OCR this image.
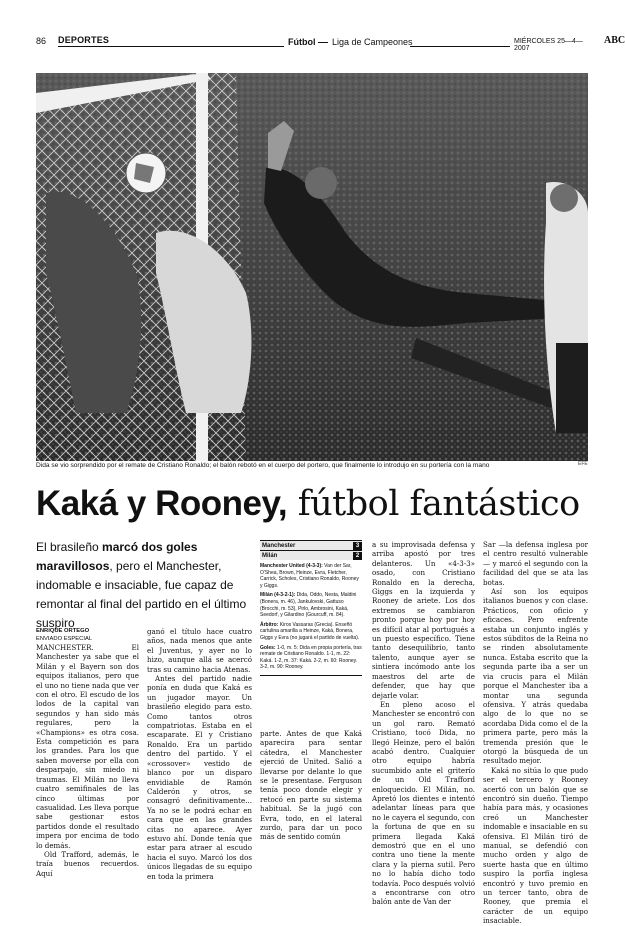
86 DEPORTES	Fútbol Liga de Campeones	MIÉRCOLES 25—4—2007
ABC
Dida se vio sorprendido por el remate de Cristiano Ronaldo; el balón rebotó en el cuerpo del portero, que finalmente lo introdujo en su portería con la mano	EFE
Kaká y Rooney, fútbol fantástico
El brasileño marcó dos goles maravillosos, pero el Manchester, indomable e insaciable, fue capaz de remontar al final del partido en el último suspiro
ENRIQUE ORTEGO
ENVIADO ESPECIAL

MANCHESTER. El Manchester ya sabe que el Milán y el Bayern son dos equipos italianos, pero que el uno no tiene nada que ver con el otro. El escudo de los lodos de la capital van segundos y han sido más regulares, pero la «Champions» es otra cosa. Esta competición es para los grandes. Para los que saben moverse por ella con desparpajo, sin miedo ni traumas. El Milán no lleva cuatro semifinales de las cinco últimas por casualidad. Les lleva porque sabe gestionar estos partidos donde el resultado impera por encima de todo lo demás.

Old Trafford, además, le traía buenos recuerdos. Aquí

ganó el título hace cuatro años, nada menos que ante el Juventus, y ayer no lo hizo, aunque allá se acercó tras su camino hacia Atenas.

Antes del partido nadie ponía en duda que Kaká es un jugador mayor. Un brasileño elegido para esto. Como tantos otros compatriotas. Estaba en el escaparate. El y Cristiano Ronaldo. Era un partido dentro del partido. Y el «crossover» vestido de blanco por un disparo envidiable de Ramón Calderón y otros, se consagró definitivamente... Ya no se le podrá echar en cara que en las grandes citas no aparece. Ayer estuvo ahí. Donde tenía que estar para atraer al escudo hacia el suyo. Marcó los dos únicos llegadas de su equipo en toda la primera

Manchester	3
Milán	2
Manchester United (4-3-3): Van der Sar, O'Shea, Brown, Heinze, Evra, Fletcher, Carrick, Scholes, Cristiano Ronaldo, Rooney y Giggs.
Milán (4-3-2-1): Dida, Oddo, Nesta, Maldini (Bonera, m. 46), Jankulovski, Gattuso (Brocchi, m. 53), Pirlo, Ambrosini, Kaká, Seedorf, y Gilardino (Gourcuff, m. 84).
Árbitro: Kiros Vassaras (Grecia). Enseñó cartulina amarilla a Heinze, Kaká, Bonera, Giggs y Evra (no jugará el partido de vuelta).
Goles: 1-0, m. 5: Dida en propia portería, tras remate de Cristiano Ronaldo. 1-1, m. 22: Kaká. 1-2, m. 37: Kaká. 2-2, m. 60: Rooney. 3-2, m. 90: Rooney.

parte. Antes de que Kaká aparecira para sentar cátedra, el Manchester ejerció de United. Salió a llevarse por delante lo que se le presentase. Ferguson tenía poco donde elegir y retocó en parte su sistema habitual. Se la jugó con Evra, todo, en el lateral zurdo, para dar un poco más de sentido común

a su improvisada defensa y arriba apostó por tres delanteros. Un «4-3-3» osado, con Cristiano Ronaldo en la derecha, Giggs en la izquierda y Rooney de ariete. Los dos extremos se cambiaron pronto porque hoy por hoy es difícil atar al portugués a un puesto específico. Tiene tanto desequilibrio, tanto talento, aunque ayer se sintiera incómodo ante los maestros del arte de defender, que hay que dejarle volar.

En pleno acoso el Manchester se encontró con un gol raro. Remató Cristiano, tocó Dida, no llegó Heinze, pero el balón acabó dentro. Cualquier otro equipo habría sucumbido ante el griterío de un Old Trafford enloquecido. El Milán, no. Apretó los dientes e intentó adelantar líneas para que no le cayera el segundo, con la fortuna de que en su primera llegada Kaká demostró que en el uno contra uno tiene la mente clara y la pierna sutil. Pero no lo había dicho todo todavía. Poco después volvió a encontrarse con otro balón ante de Van der

Sar —la defensa inglesa por el centro resultó vulnerable— y marcó el segundo con la facilidad del que se ata las botas.

Así son los equipos italianos buenos y con clase. Prácticos, con oficio y eficaces. Pero enfrente estaba un conjunto inglés y estos súbditos de la Reina no se rinden absolutamente nunca. Estaba escrito que la segunda parte iba a ser un via crucis para el Milán porque el Manchester iba a montar una segunda ofensiva. Y atrás quedaba algo de lo que no se acordaba Dida como el de la primera parte, pero más la tremenda presión que le otorgó la búsqueda de un resultado mejor.

Kaká no sitúa lo que pudo ser el tercero y Rooney acertó con un balón que se encontró sin dueño. Tiempo había para más, y ocasiones creó un Manchester indomable e insaciable en su ofensiva. El Milán tiró de manual, se defendió con mucho orden y algo de suerte hasta que en último suspiro la porfía inglesa encontró y tuvo premio en un tercer tanto, obra de Rooney, que premia el carácter de un equipo insaciable.
